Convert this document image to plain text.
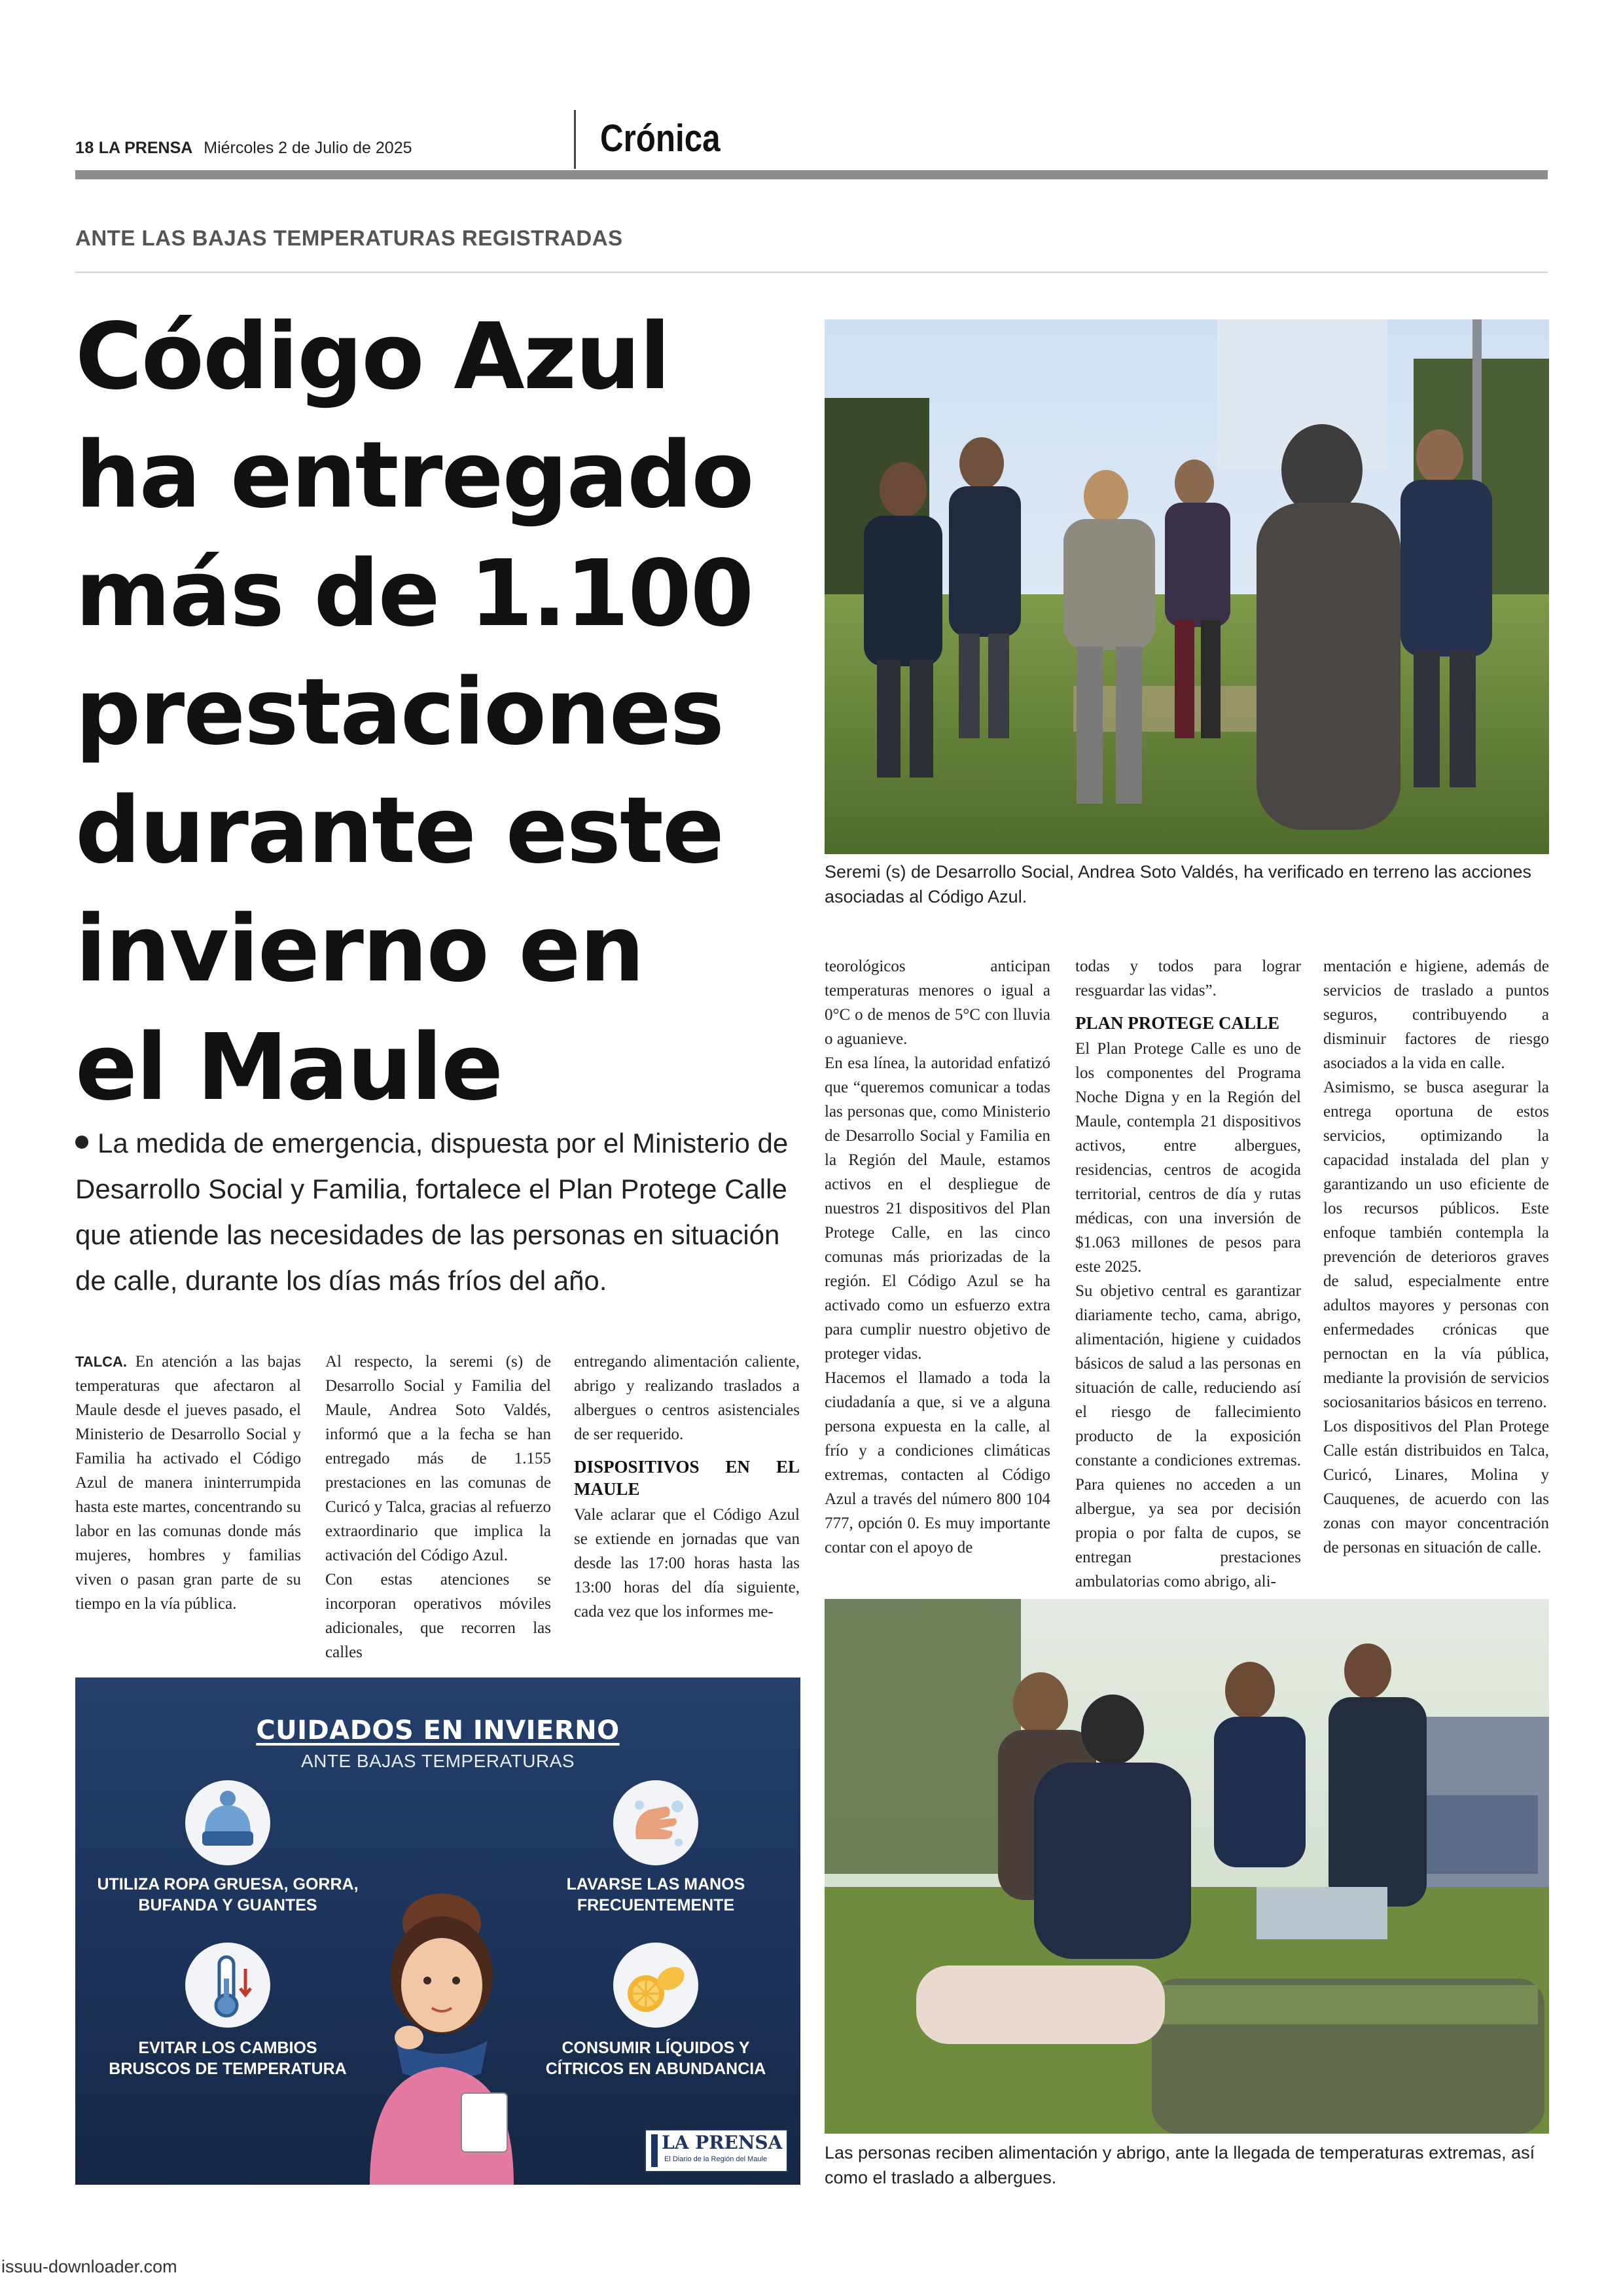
18 LA PRENSA Miércoles 2 de Julio de 2025	Crónica
ANTE LAS BAJAS TEMPERATURAS REGISTRADAS
Código Azul
ha entregado
más de 1.100
prestaciones
durante este
invierno en
el Maule
La medida de emergencia, dispuesta por el Ministerio de
Desarrollo Social y Familia, fortalece el Plan Protege Calle
que atiende las necesidades de las personas en situación
de calle, durante los días más fríos del año.

TALCA. En atención a las bajas temperaturas que afectaron al Maule desde el jueves pasado, el Ministerio de Desarrollo Social y Familia ha activado el Código Azul de manera ininterrumpida hasta este martes, concentrando su labor en las comunas donde más mujeres, hombres y familias viven o pasan gran parte de su tiempo en la vía pública.

Al respecto, la seremi (s) de Desarrollo Social y Familia del Maule, Andrea Soto Valdés, informó que a la fecha se han entregado más de 1.155 prestaciones en las comunas de Curicó y Talca, gracias al refuerzo extraordinario que implica la activación del Código Azul.

Con estas atenciones se incorporan operativos móviles adicionales, que recorren las calles

entregando alimentación caliente, abrigo y realizando traslados a albergues o centros asistenciales de ser requerido.

DISPOSITIVOS EN EL MAULE

Vale aclarar que el Código Azul se extiende en jornadas que van desde las 17:00 horas hasta las 13:00 horas del día siguiente, cada vez que los informes me-

teorológicos anticipan temperaturas menores o igual a 0°C o de menos de 5°C con lluvia o aguanieve.

En esa línea, la autoridad enfatizó que “queremos comunicar a todas las personas que, como Ministerio de Desarrollo Social y Familia en la Región del Maule, estamos activos en el despliegue de nuestros 21 dispositivos del Plan Protege Calle, en las cinco comunas más priorizadas de la región. El Código Azul se ha activado como un esfuerzo extra para cumplir nuestro objetivo de proteger vidas.

Hacemos el llamado a toda la ciudadanía a que, si ve a alguna persona expuesta en la calle, al frío y a condiciones climáticas extremas, contacten al Código Azul a través del número 800 104 777, opción 0. Es muy importante contar con el apoyo de

todas y todos para lograr resguardar las vidas”.

PLAN PROTEGE CALLE

El Plan Protege Calle es uno de los componentes del Programa Noche Digna y en la Región del Maule, contempla 21 dispositivos activos, entre albergues, residencias, centros de acogida territorial, centros de día y rutas médicas, con una inversión de $1.063 millones de pesos para este 2025.

Su objetivo central es garantizar diariamente techo, cama, abrigo, alimentación, higiene y cuidados básicos de salud a las personas en situación de calle, reduciendo así el riesgo de fallecimiento producto de la exposición constante a condiciones extremas. Para quienes no acceden a un albergue, ya sea por decisión propia o por falta de cupos, se entregan prestaciones ambulatorias como abrigo, ali-

mentación e higiene, además de servicios de traslado a puntos seguros, contribuyendo a disminuir factores de riesgo asociados a la vida en calle.

Asimismo, se busca asegurar la entrega oportuna de estos servicios, optimizando la capacidad instalada del plan y garantizando un uso eficiente de los recursos públicos. Este enfoque también contempla la prevención de deterioros graves de salud, especialmente entre adultos mayores y personas con enfermedades crónicas que pernoctan en la vía pública, mediante la provisión de servicios sociosanitarios básicos en terreno.

Los dispositivos del Plan Protege Calle están distribuidos en Talca, Curicó, Linares, Molina y Cauquenes, de acuerdo con las zonas con mayor concentración de personas en situación de calle.

Seremi (s) de Desarrollo Social, Andrea Soto Valdés, ha verificado en terreno las acciones
asociadas al Código Azul.
Las personas reciben alimentación y abrigo, ante la llegada de temperaturas extremas, así
como el traslado a albergues.
CUIDADOS EN INVIERNO
ANTE BAJAS TEMPERATURAS
UTILIZA ROPA GRUESA, GORRA,
BUFANDA Y GUANTES
LAVARSE LAS MANOS
FRECUENTEMENTE
EVITAR LOS CAMBIOS
BRUSCOS DE TEMPERATURA
CONSUMIR LÍQUIDOS Y
CÍTRICOS EN ABUNDANCIA
LA PRENSA
El Diario de la Región del Maule
issuu-downloader.com
